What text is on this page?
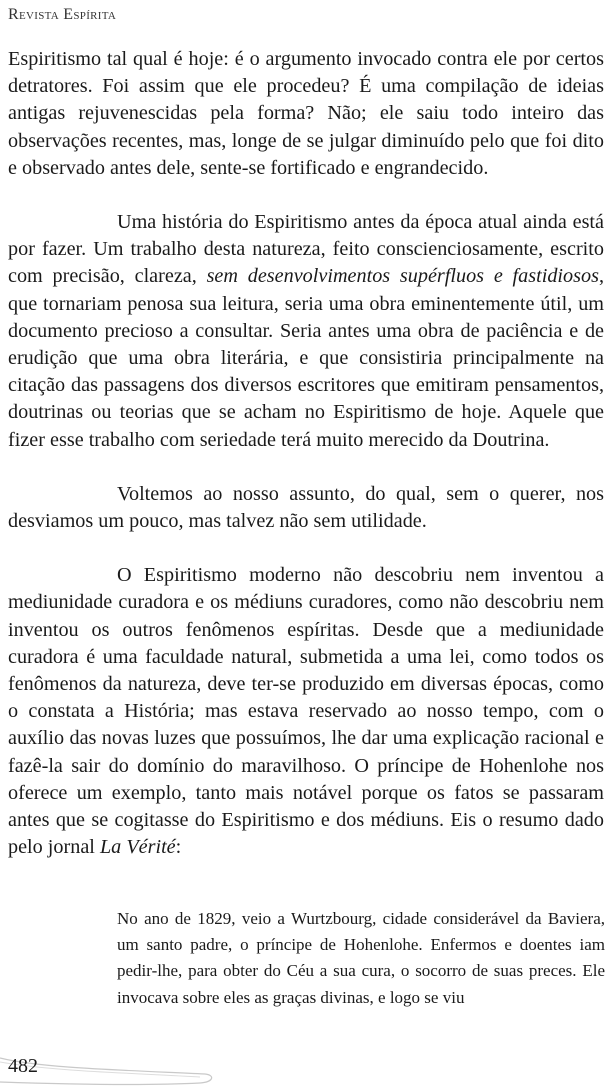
Revista Espírita

Espiritismo tal qual é hoje: é o argumento invocado contra ele por certos detratores. Foi assim que ele procedeu? É uma compilação de ideias antigas rejuvenescidas pela forma? Não; ele saiu todo inteiro das observações recentes, mas, longe de se julgar diminuído pelo que foi dito e observado antes dele, sente-se fortificado e engrandecido.

Uma história do Espiritismo antes da época atual ainda está por fazer. Um trabalho desta natureza, feito conscienciosamente, escrito com precisão, clareza, sem desenvolvimentos supérfluos e fastidiosos, que tornariam penosa sua leitura, seria uma obra eminentemente útil, um documento precioso a consultar. Seria antes uma obra de paciência e de erudição que uma obra literária, e que consistiria principalmente na citação das passagens dos diversos escritores que emitiram pensamentos, doutrinas ou teorias que se acham no Espiritismo de hoje. Aquele que fizer esse trabalho com seriedade terá muito merecido da Doutrina.

Voltemos ao nosso assunto, do qual, sem o querer, nos desviamos um pouco, mas talvez não sem utilidade.

O Espiritismo moderno não descobriu nem inventou a mediunidade curadora e os médiuns curadores, como não descobriu nem inventou os outros fenômenos espíritas. Desde que a mediunidade curadora é uma faculdade natural, submetida a uma lei, como todos os fenômenos da natureza, deve ter-se produzido em diversas épocas, como o constata a História; mas estava reservado ao nosso tempo, com o auxílio das novas luzes que possuímos, lhe dar uma explicação racional e fazê-la sair do domínio do maravilhoso. O príncipe de Hohenlohe nos oferece um exemplo, tanto mais notável porque os fatos se passaram antes que se cogitasse do Espiritismo e dos médiuns. Eis o resumo dado pelo jornal La Vérité:

No ano de 1829, veio a Wurtzbourg, cidade considerável da Baviera, um santo padre, o príncipe de Hohenlohe. Enfermos e doentes iam pedir-lhe, para obter do Céu a sua cura, o socorro de suas preces. Ele invocava sobre eles as graças divinas, e logo se viu

482
